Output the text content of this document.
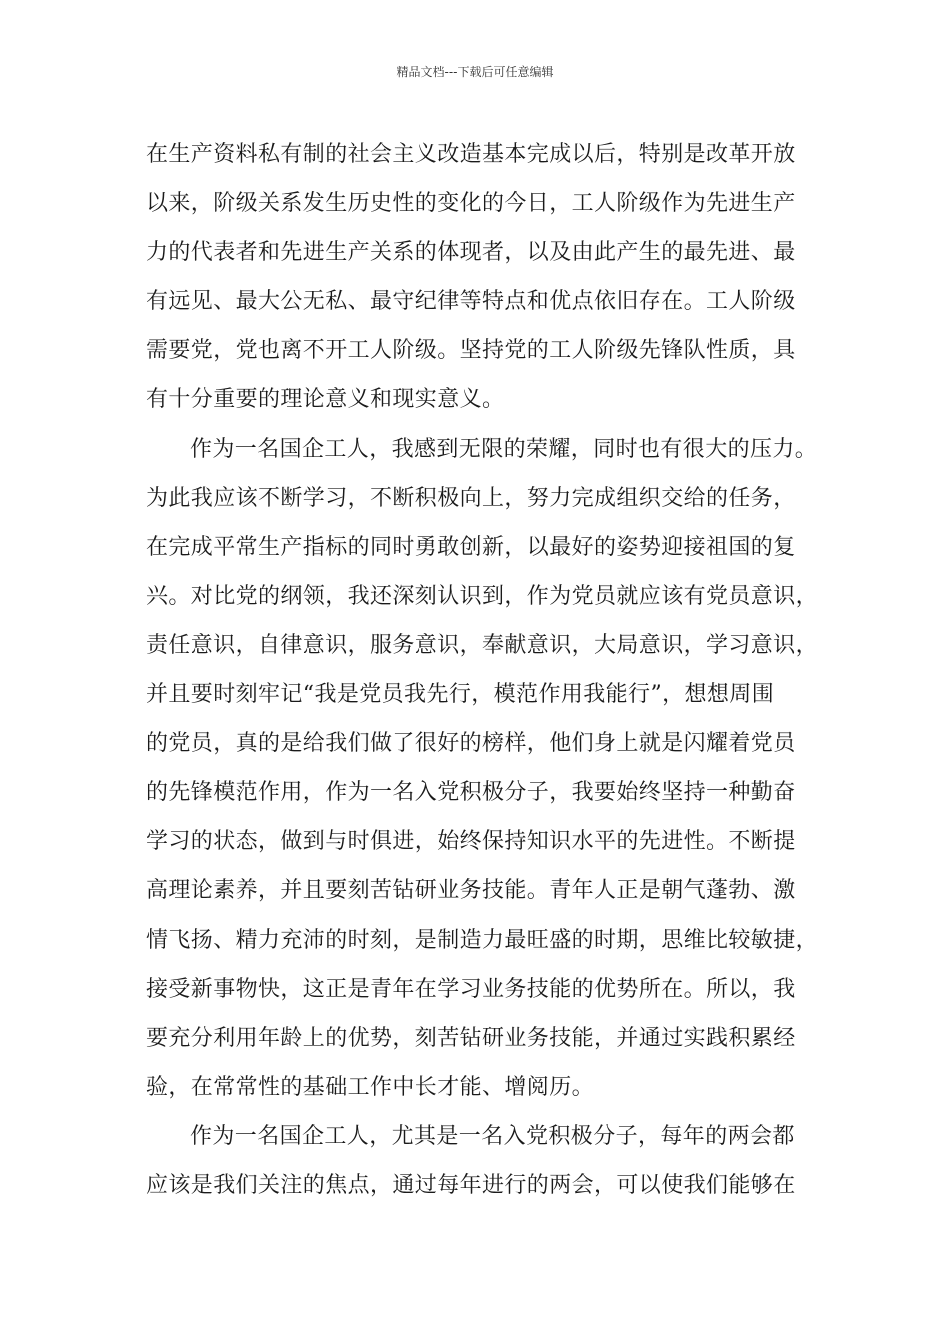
精品文档---下载后可任意编辑
在生产资料私有制的社会主义改造基本完成以后，特别是改革开放
以来，阶级关系发生历史性的变化的今日，工人阶级作为先进生产
力的代表者和先进生产关系的体现者，以及由此产生的最先进、最
有远见、最大公无私、最守纪律等特点和优点依旧存在。工人阶级
需要党，党也离不开工人阶级。坚持党的工人阶级先锋队性质，具
有十分重要的理论意义和现实意义。
作为一名国企工人，我感到无限的荣耀，同时也有很大的压力。
为此我应该不断学习，不断积极向上，努力完成组织交给的任务，
在完成平常生产指标的同时勇敢创新，以最好的姿势迎接祖国的复
兴。对比党的纲领，我还深刻认识到，作为党员就应该有党员意识，
责任意识，自律意识，服务意识，奉献意识，大局意识，学习意识，
并且要时刻牢记“我是党员我先行，模范作用我能行”，想想周围
的党员，真的是给我们做了很好的榜样，他们身上就是闪耀着党员
的先锋模范作用，作为一名入党积极分子，我要始终坚持一种勤奋
学习的状态，做到与时俱进，始终保持知识水平的先进性。不断提
高理论素养，并且要刻苦钻研业务技能。青年人正是朝气蓬勃、激
情飞扬、精力充沛的时刻，是制造力最旺盛的时期，思维比较敏捷，
接受新事物快，这正是青年在学习业务技能的优势所在。所以，我
要充分利用年龄上的优势，刻苦钻研业务技能，并通过实践积累经
验，在常常性的基础工作中长才能、增阅历。
作为一名国企工人，尤其是一名入党积极分子，每年的两会都
应该是我们关注的焦点，通过每年进行的两会，可以使我们能够在
